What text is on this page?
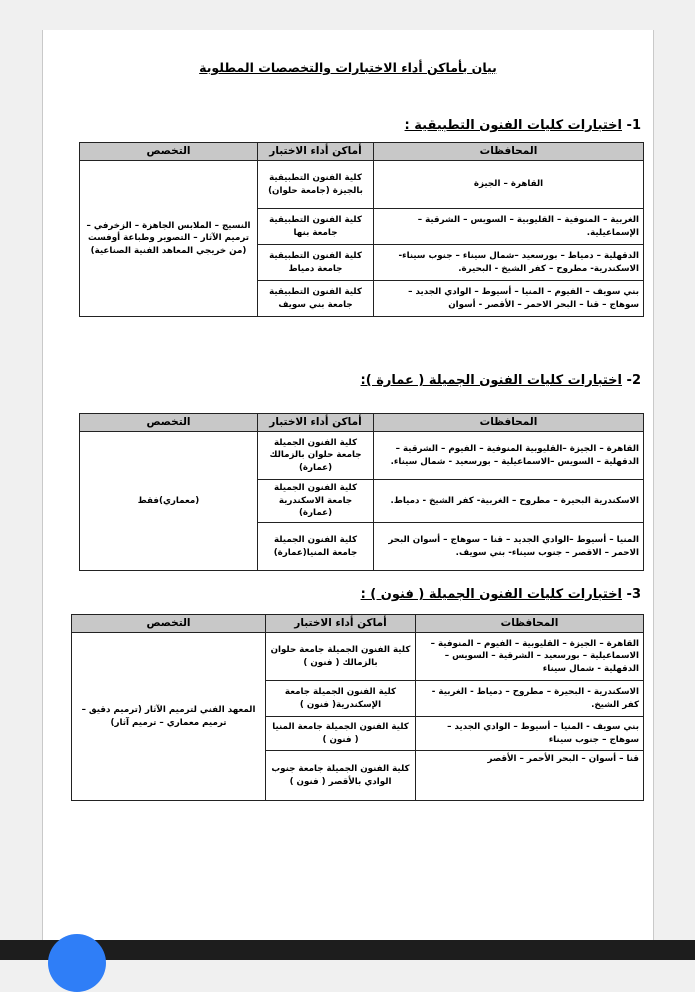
بيان بأماكن أداء الاختبارات والتخصصات المطلوبة
1- اختبارات كليات الفنون التطبيقية :
المحافظات	أماكن أداء الاختبار	التخصص
القاهرة – الجيزة	كلية الفنون التطبيقية بالجيزة (جامعة حلوان)	النسيج – الملابس الجاهزة – الزخرفي – ترميم الآثار – التصوير وطباعة أوفست (من خريجي المعاهد الفنية الصناعية)
الغربية – المنوفية – القليوبية – السويس – الشرقية – الإسماعيلية.	كلية الفنون التطبيقية جامعة بنها	
الدقهلية – دمياط – بورسعيد –شمال سيناء – جنوب سيناء- الاسكندرية- مطروح – كفر الشيخ - البحيرة.	كلية الفنون التطبيقية جامعة دمياط	
بني سويف – الفيوم – المنيا – أسيوط – الوادي الجديد – سوهاج – قنا – البحر الاحمر – الأقصر - أسوان	كلية الفنون التطبيقية جامعة بني سويف	
2- اختبارات كليات الفنون الجميلة ( عمارة ):
المحافظات	أماكن أداء الاختبار	التخصص
القاهرة – الجيزة –القليوبية المنوفية – الفيوم – الشرقية – الدقهلية – السويس –الاسماعيلية – بورسعيد - شمال سيناء.	كلية الفنون الجميلة جامعة حلوان بالزمالك (عمارة)	(معماري)فقط
الاسكندرية البحيرة – مطروح – الغربية- كفر الشيخ - دمياط.	كلية الفنون الجميلة جامعة الاسكندرية (عمارة)	
المنيا – أسيوط –الوادي الجديد – قنا – سوهاج – أسوان البحر الاحمر – الاقصر – جنوب سيناء- بني سويف.	كلية الفنون الجميلة جامعة المنيا(عمارة)	
3- اختبارات كليات الفنون الجميلة ( فنون ) :
المحافظات	أماكن أداء الاختبار	التخصص
القاهرة – الجيزة – القليوبية – الفيوم – المنوفية – الاسماعيلية – بورسعيد – الشرقية – السويس – الدقهلية - شمال سيناء	كلية الفنون الجميلة جامعة حلوان بالزمالك ( فنون )	المعهد الفني لترميم الآثار (ترميم دقيق – ترميم معماري – ترميم آثار)
الاسكندرية - البحيرة – مطروح – دمياط - الغربية - كفر الشيخ.	كلية الفنون الجميلة جامعة الإسكندرية( فنون )	
بني سويف - المنيا – أسيوط – الوادي الجديد – سوهاج – جنوب سيناء	كلية الفنون الجميلة جامعة المنيا ( فنون )	
قنا – أسوان – البحر الأحمر – الأقصر	كلية الفنون الجميلة جامعة جنوب الوادي بالأقصر ( فنون )	
